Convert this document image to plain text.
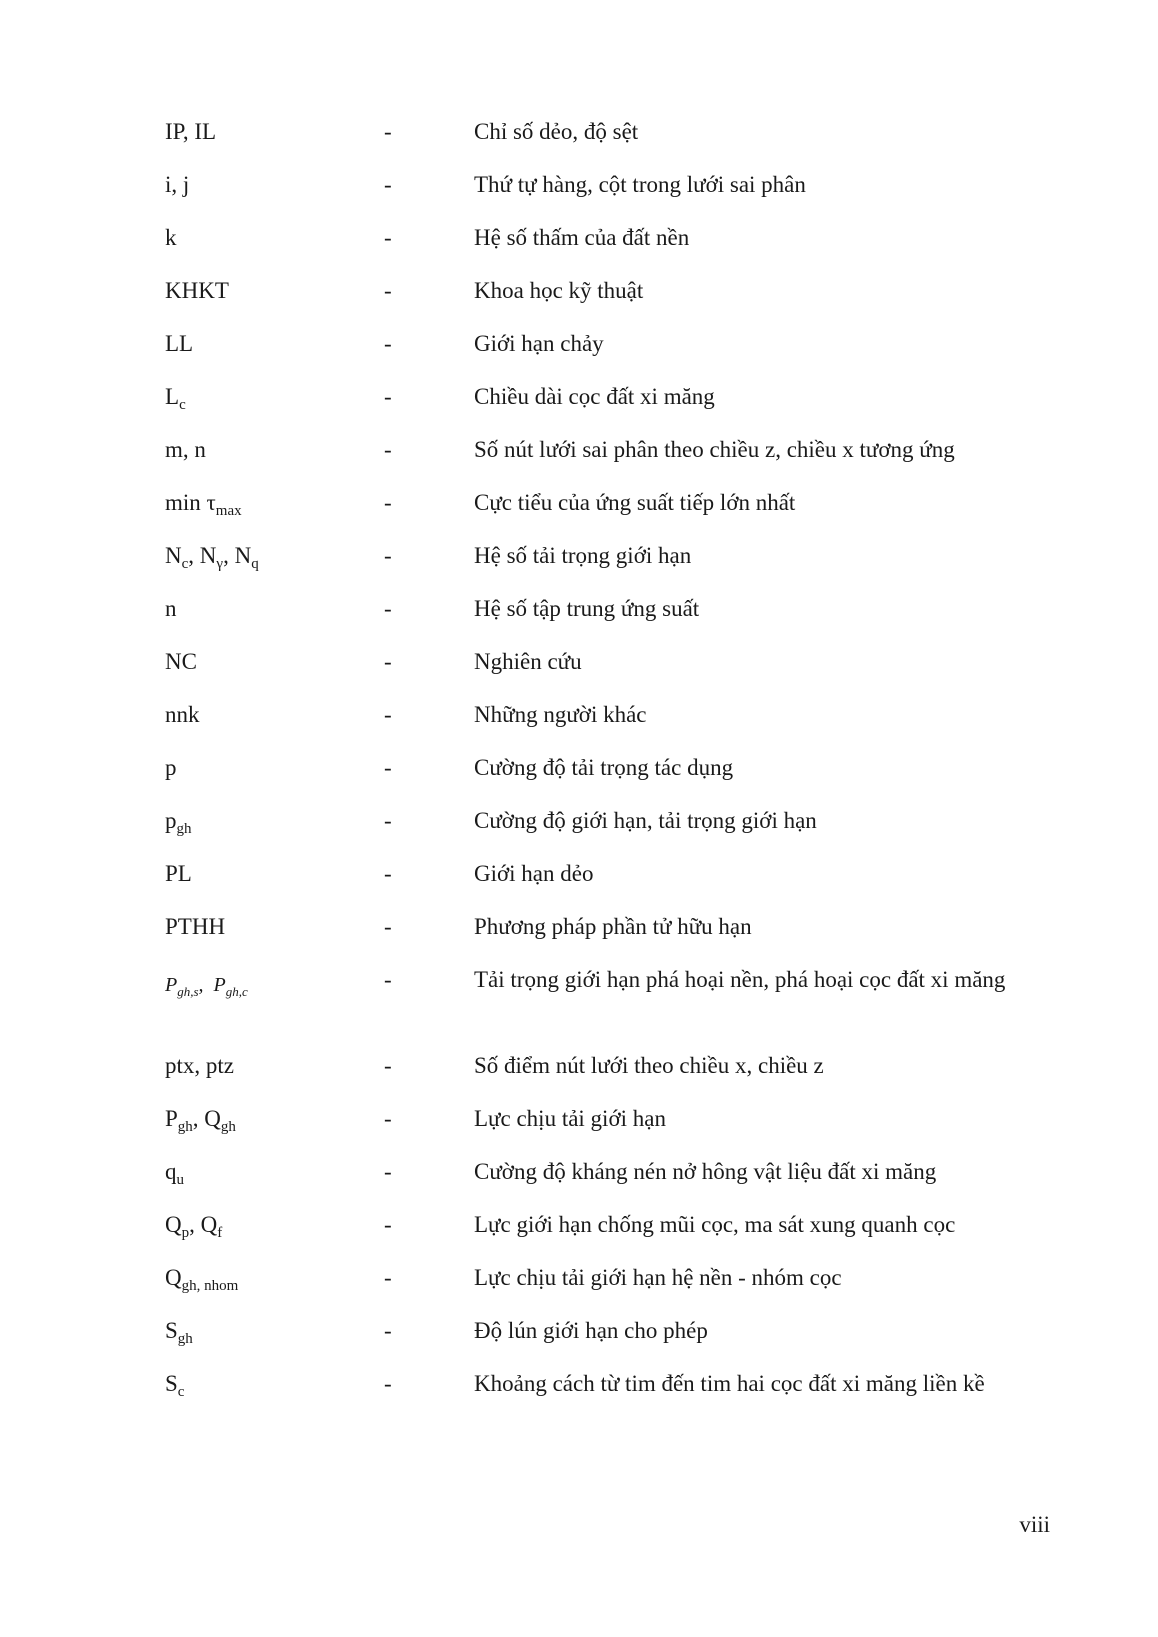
IP, IL	-	Chỉ số dẻo, độ sệt
i, j	-	Thứ tự hàng, cột trong lưới sai phân
k	-	Hệ số thấm của đất nền
KHKT	-	Khoa học kỹ thuật
LL	-	Giới hạn chảy
$L_c$	-	Chiều dài cọc đất xi măng
m, n	-	Số nút lưới sai phân theo chiều z, chiều x tương ứng
$\min \tau_{max}$	-	Cực tiểu của ứng suất tiếp lớn nhất
$N_c$, $N_\gamma$, $N_q$	-	Hệ số tải trọng giới hạn
n	-	Hệ số tập trung ứng suất
NC	-	Nghiên cứu
nnk	-	Những người khác
p	-	Cường độ tải trọng tác dụng
$p_{gh}$	-	Cường độ giới hạn, tải trọng giới hạn
PL	-	Giới hạn dẻo
PTHH	-	Phương pháp phần tử hữu hạn
$P_{gh,s}$,  $P_{gh,c}$	-	Tải trọng giới hạn phá hoại nền, phá hoại cọc đất xi măng
ptx, ptz	-	Số điểm nút lưới theo chiều x, chiều z
$P_{gh}$, $Q_{gh}$	-	Lực chịu tải giới hạn
$q_u$	-	Cường độ kháng nén nở hông vật liệu đất xi măng
$Q_p$, $Q_f$	-	Lực giới hạn chống mũi cọc, ma sát xung quanh cọc
$Q_{gh, nhom}$	-	Lực chịu tải giới hạn hệ nền - nhóm cọc
$S_{gh}$	-	Độ lún giới hạn cho phép
$S_c$	-	Khoảng cách từ tim đến tim hai cọc đất xi măng liền kề
viii
